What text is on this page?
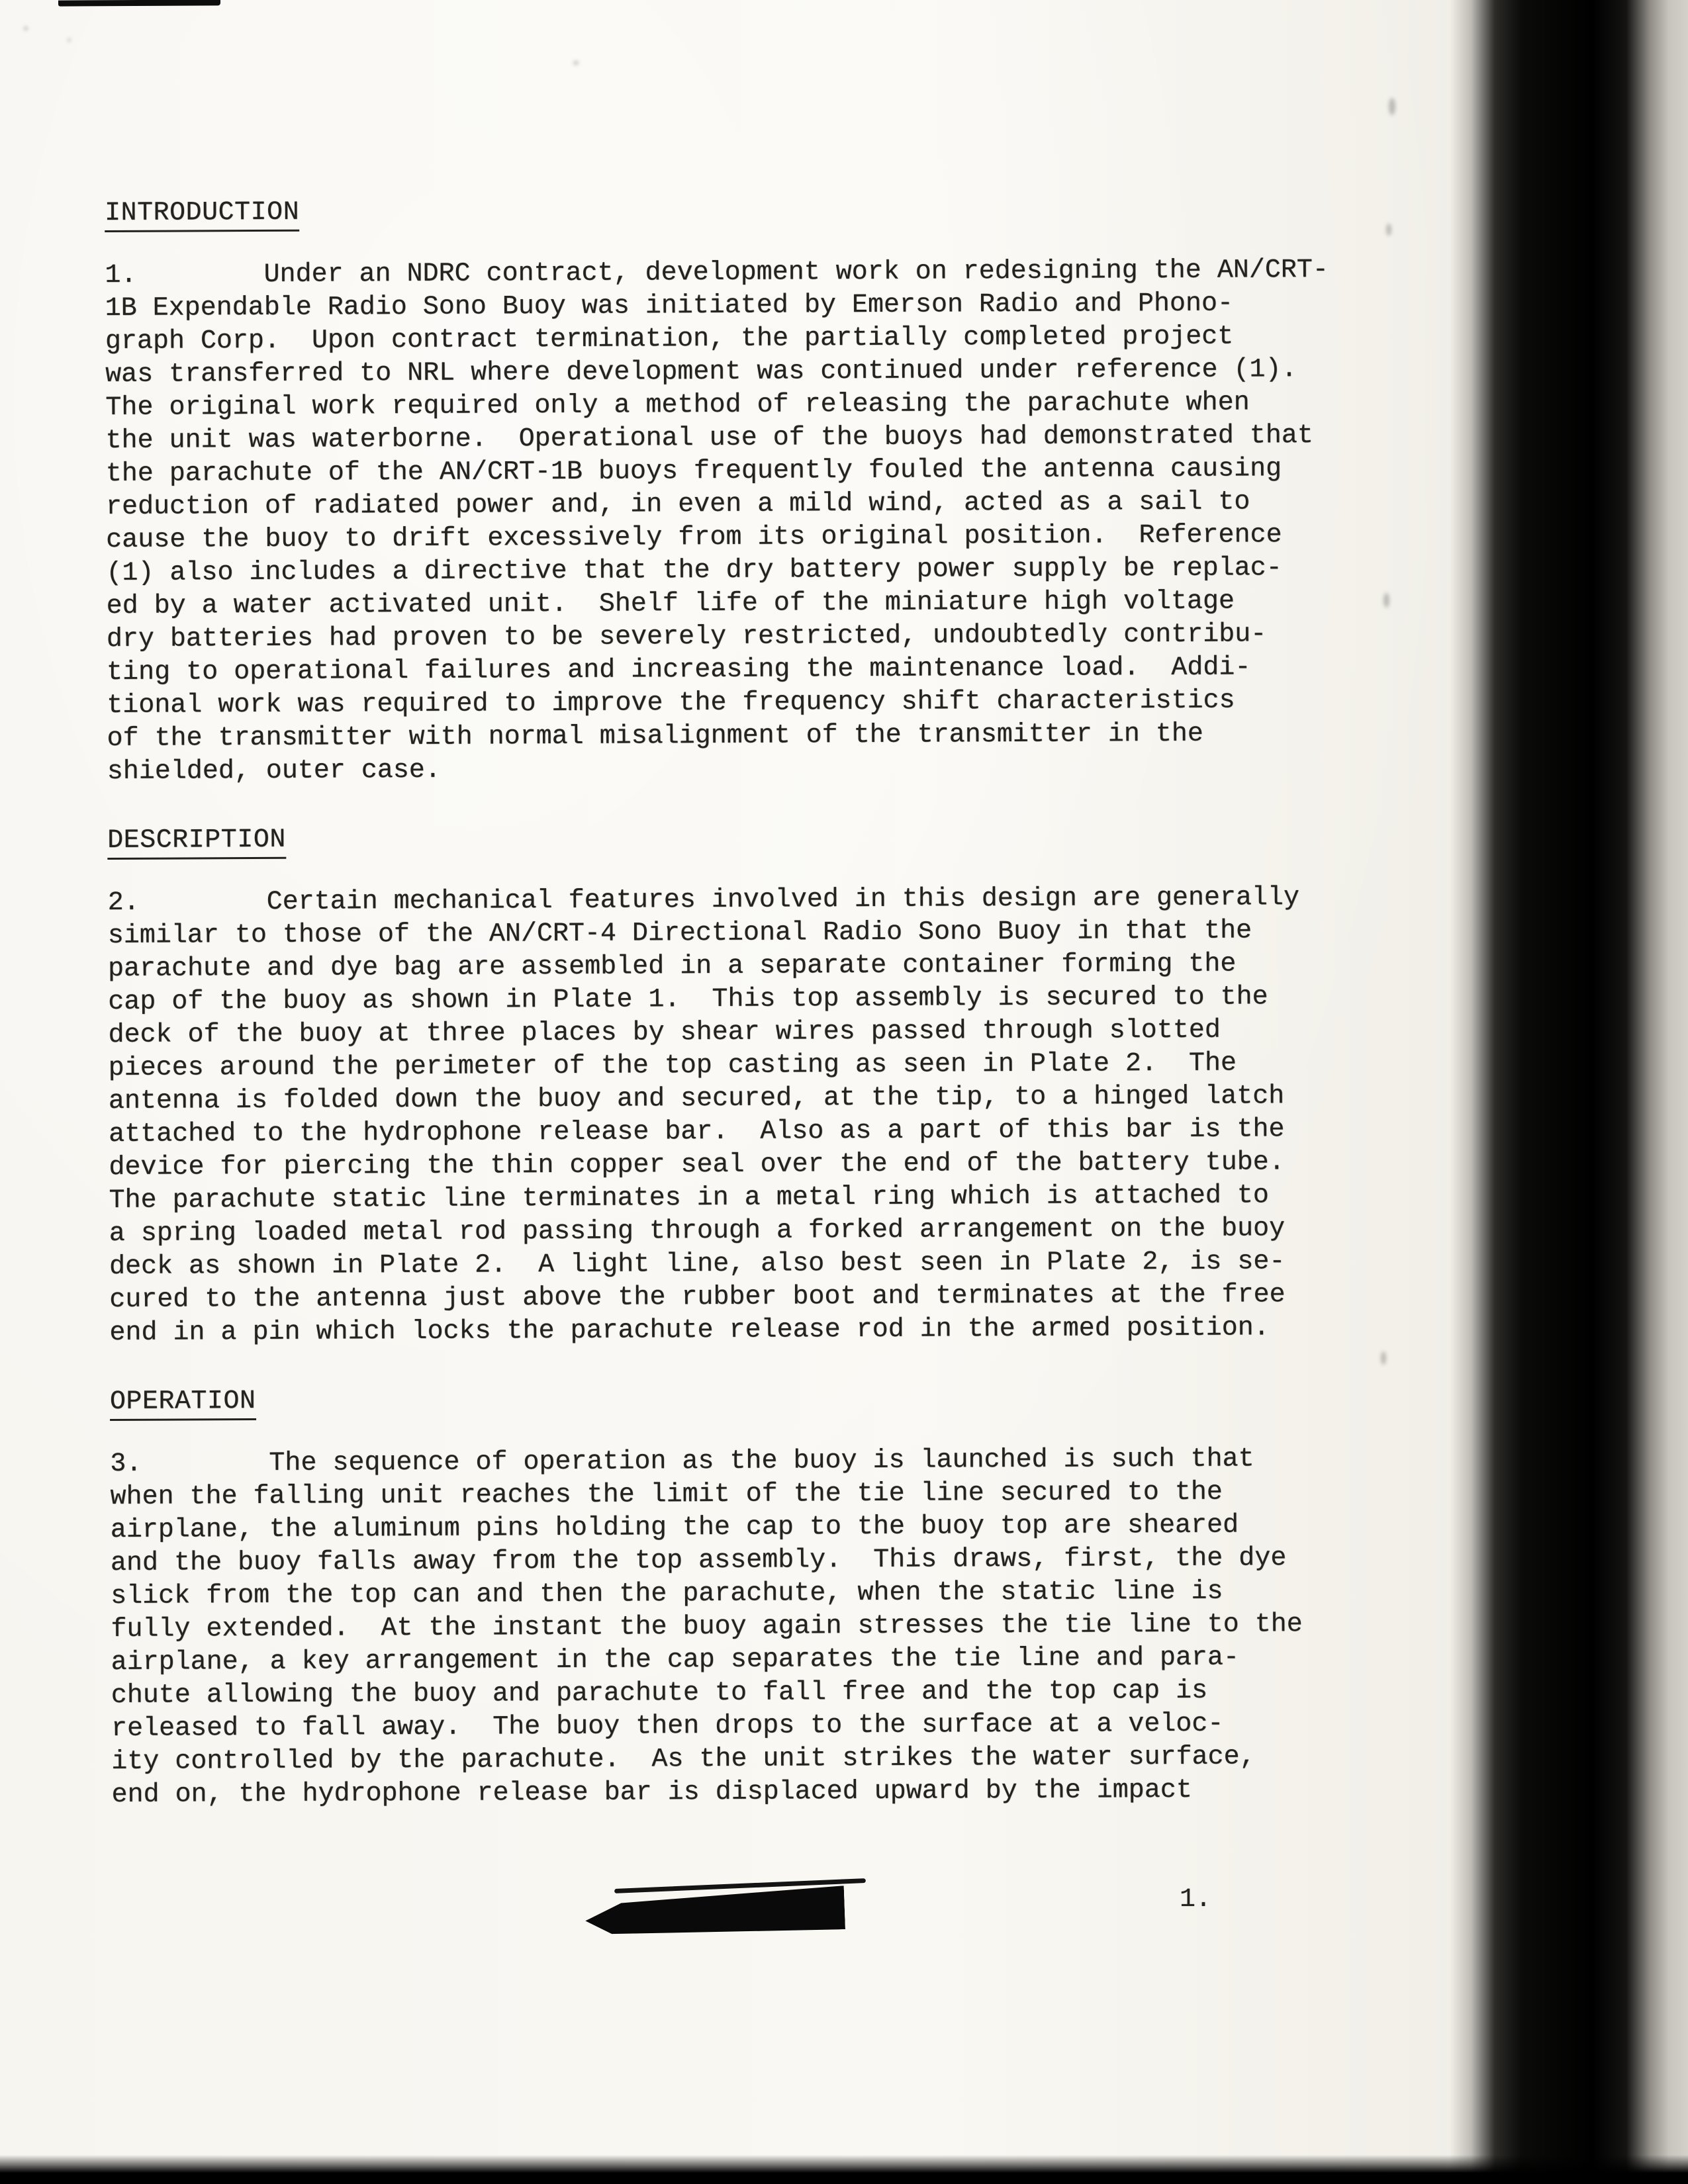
INTRODUCTION

1.        Under an NDRC contract, development work on redesigning the AN/CRT-
1B Expendable Radio Sono Buoy was initiated by Emerson Radio and Phono-
graph Corp.  Upon contract termination, the partially completed project
was transferred to NRL where development was continued under reference (1).
The original work required only a method of releasing the parachute when
the unit was waterborne.  Operational use of the buoys had demonstrated that
the parachute of the AN/CRT-1B buoys frequently fouled the antenna causing
reduction of radiated power and, in even a mild wind, acted as a sail to
cause the buoy to drift excessively from its original position.  Reference
(1) also includes a directive that the dry battery power supply be replac-
ed by a water activated unit.  Shelf life of the miniature high voltage
dry batteries had proven to be severely restricted, undoubtedly contribu-
ting to operational failures and increasing the maintenance load.  Addi-
tional work was required to improve the frequency shift characteristics
of the transmitter with normal misalignment of the transmitter in the
shielded, outer case.

DESCRIPTION

2.        Certain mechanical features involved in this design are generally
similar to those of the AN/CRT-4 Directional Radio Sono Buoy in that the
parachute and dye bag are assembled in a separate container forming the
cap of the buoy as shown in Plate 1.  This top assembly is secured to the
deck of the buoy at three places by shear wires passed through slotted
pieces around the perimeter of the top casting as seen in Plate 2.  The
antenna is folded down the buoy and secured, at the tip, to a hinged latch
attached to the hydrophone release bar.  Also as a part of this bar is the
device for piercing the thin copper seal over the end of the battery tube.
The parachute static line terminates in a metal ring which is attached to
a spring loaded metal rod passing through a forked arrangement on the buoy
deck as shown in Plate 2.  A light line, also best seen in Plate 2, is se-
cured to the antenna just above the rubber boot and terminates at the free
end in a pin which locks the parachute release rod in the armed position.

OPERATION

3.        The sequence of operation as the buoy is launched is such that
when the falling unit reaches the limit of the tie line secured to the
airplane, the aluminum pins holding the cap to the buoy top are sheared
and the buoy falls away from the top assembly.  This draws, first, the dye
slick from the top can and then the parachute, when the static line is
fully extended.  At the instant the buoy again stresses the tie line to the
airplane, a key arrangement in the cap separates the tie line and para-
chute allowing the buoy and parachute to fall free and the top cap is
released to fall away.  The buoy then drops to the surface at a veloc-
ity controlled by the parachute.  As the unit strikes the water surface,
end on, the hydrophone release bar is displaced upward by the impact

1.
